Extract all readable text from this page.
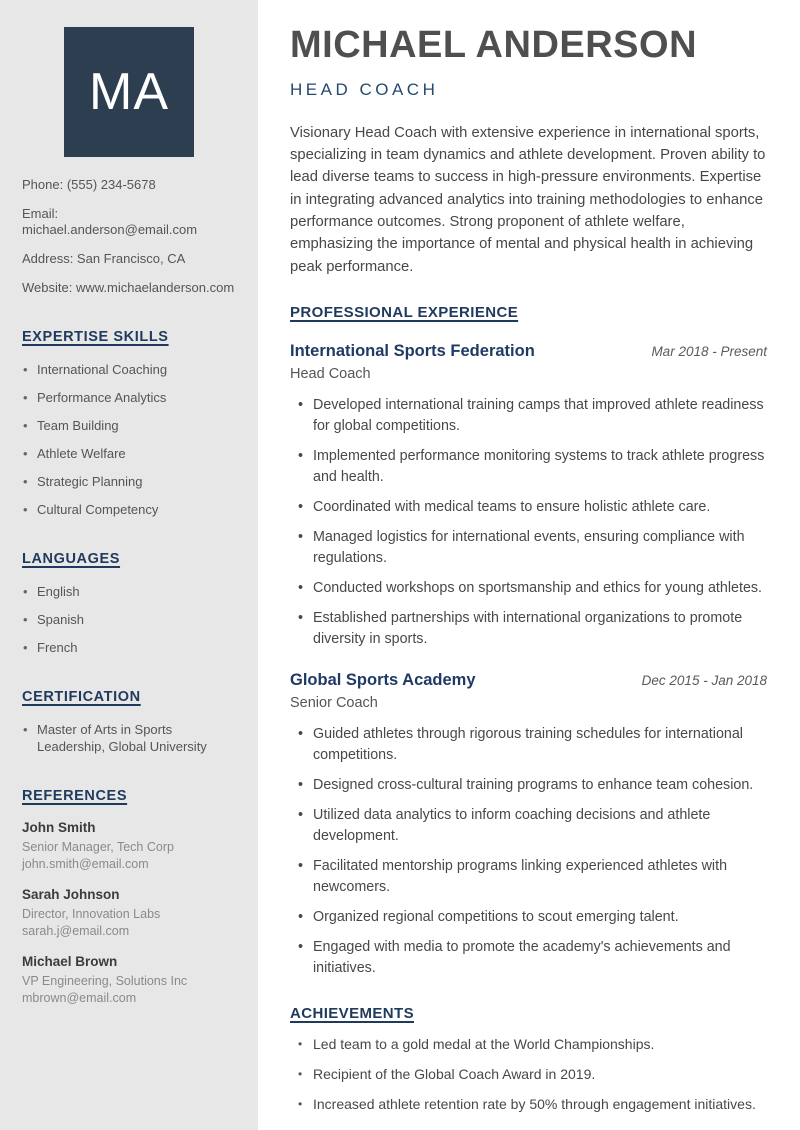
MA

Phone: (555) 234-5678

Email: michael.anderson@email.com

Address: San Francisco, CA

Website: www.michaelanderson.com

EXPERTISE SKILLS
• International Coaching
• Performance Analytics
• Team Building
• Athlete Welfare
• Strategic Planning
• Cultural Competency
LANGUAGES
• English
• Spanish
• French
CERTIFICATION
• Master of Arts in Sports Leadership, Global University
REFERENCES
John Smith
Senior Manager, Tech Corp
john.smith@email.com
Sarah Johnson
Director, Innovation Labs
sarah.j@email.com
Michael Brown
VP Engineering, Solutions Inc
mbrown@email.com
MICHAEL ANDERSON
HEAD COACH

Visionary Head Coach with extensive experience in international sports, specializing in team dynamics and athlete development. Proven ability to lead diverse teams to success in high-pressure environments. Expertise in integrating advanced analytics into training methodologies to enhance performance outcomes. Strong proponent of athlete welfare, emphasizing the importance of mental and physical health in achieving peak performance.

PROFESSIONAL EXPERIENCE
International Sports Federation	Mar 2018 - Present
Head Coach
• Developed international training camps that improved athlete readiness for global competitions.
• Implemented performance monitoring systems to track athlete progress and health.
• Coordinated with medical teams to ensure holistic athlete care.
• Managed logistics for international events, ensuring compliance with regulations.
• Conducted workshops on sportsmanship and ethics for young athletes.
• Established partnerships with international organizations to promote diversity in sports.
Global Sports Academy	Dec 2015 - Jan 2018
Senior Coach
• Guided athletes through rigorous training schedules for international competitions.
• Designed cross-cultural training programs to enhance team cohesion.
• Utilized data analytics to inform coaching decisions and athlete development.
• Facilitated mentorship programs linking experienced athletes with newcomers.
• Organized regional competitions to scout emerging talent.
• Engaged with media to promote the academy's achievements and initiatives.
ACHIEVEMENTS
• Led team to a gold medal at the World Championships.
• Recipient of the Global Coach Award in 2019.
• Increased athlete retention rate by 50% through engagement initiatives.
